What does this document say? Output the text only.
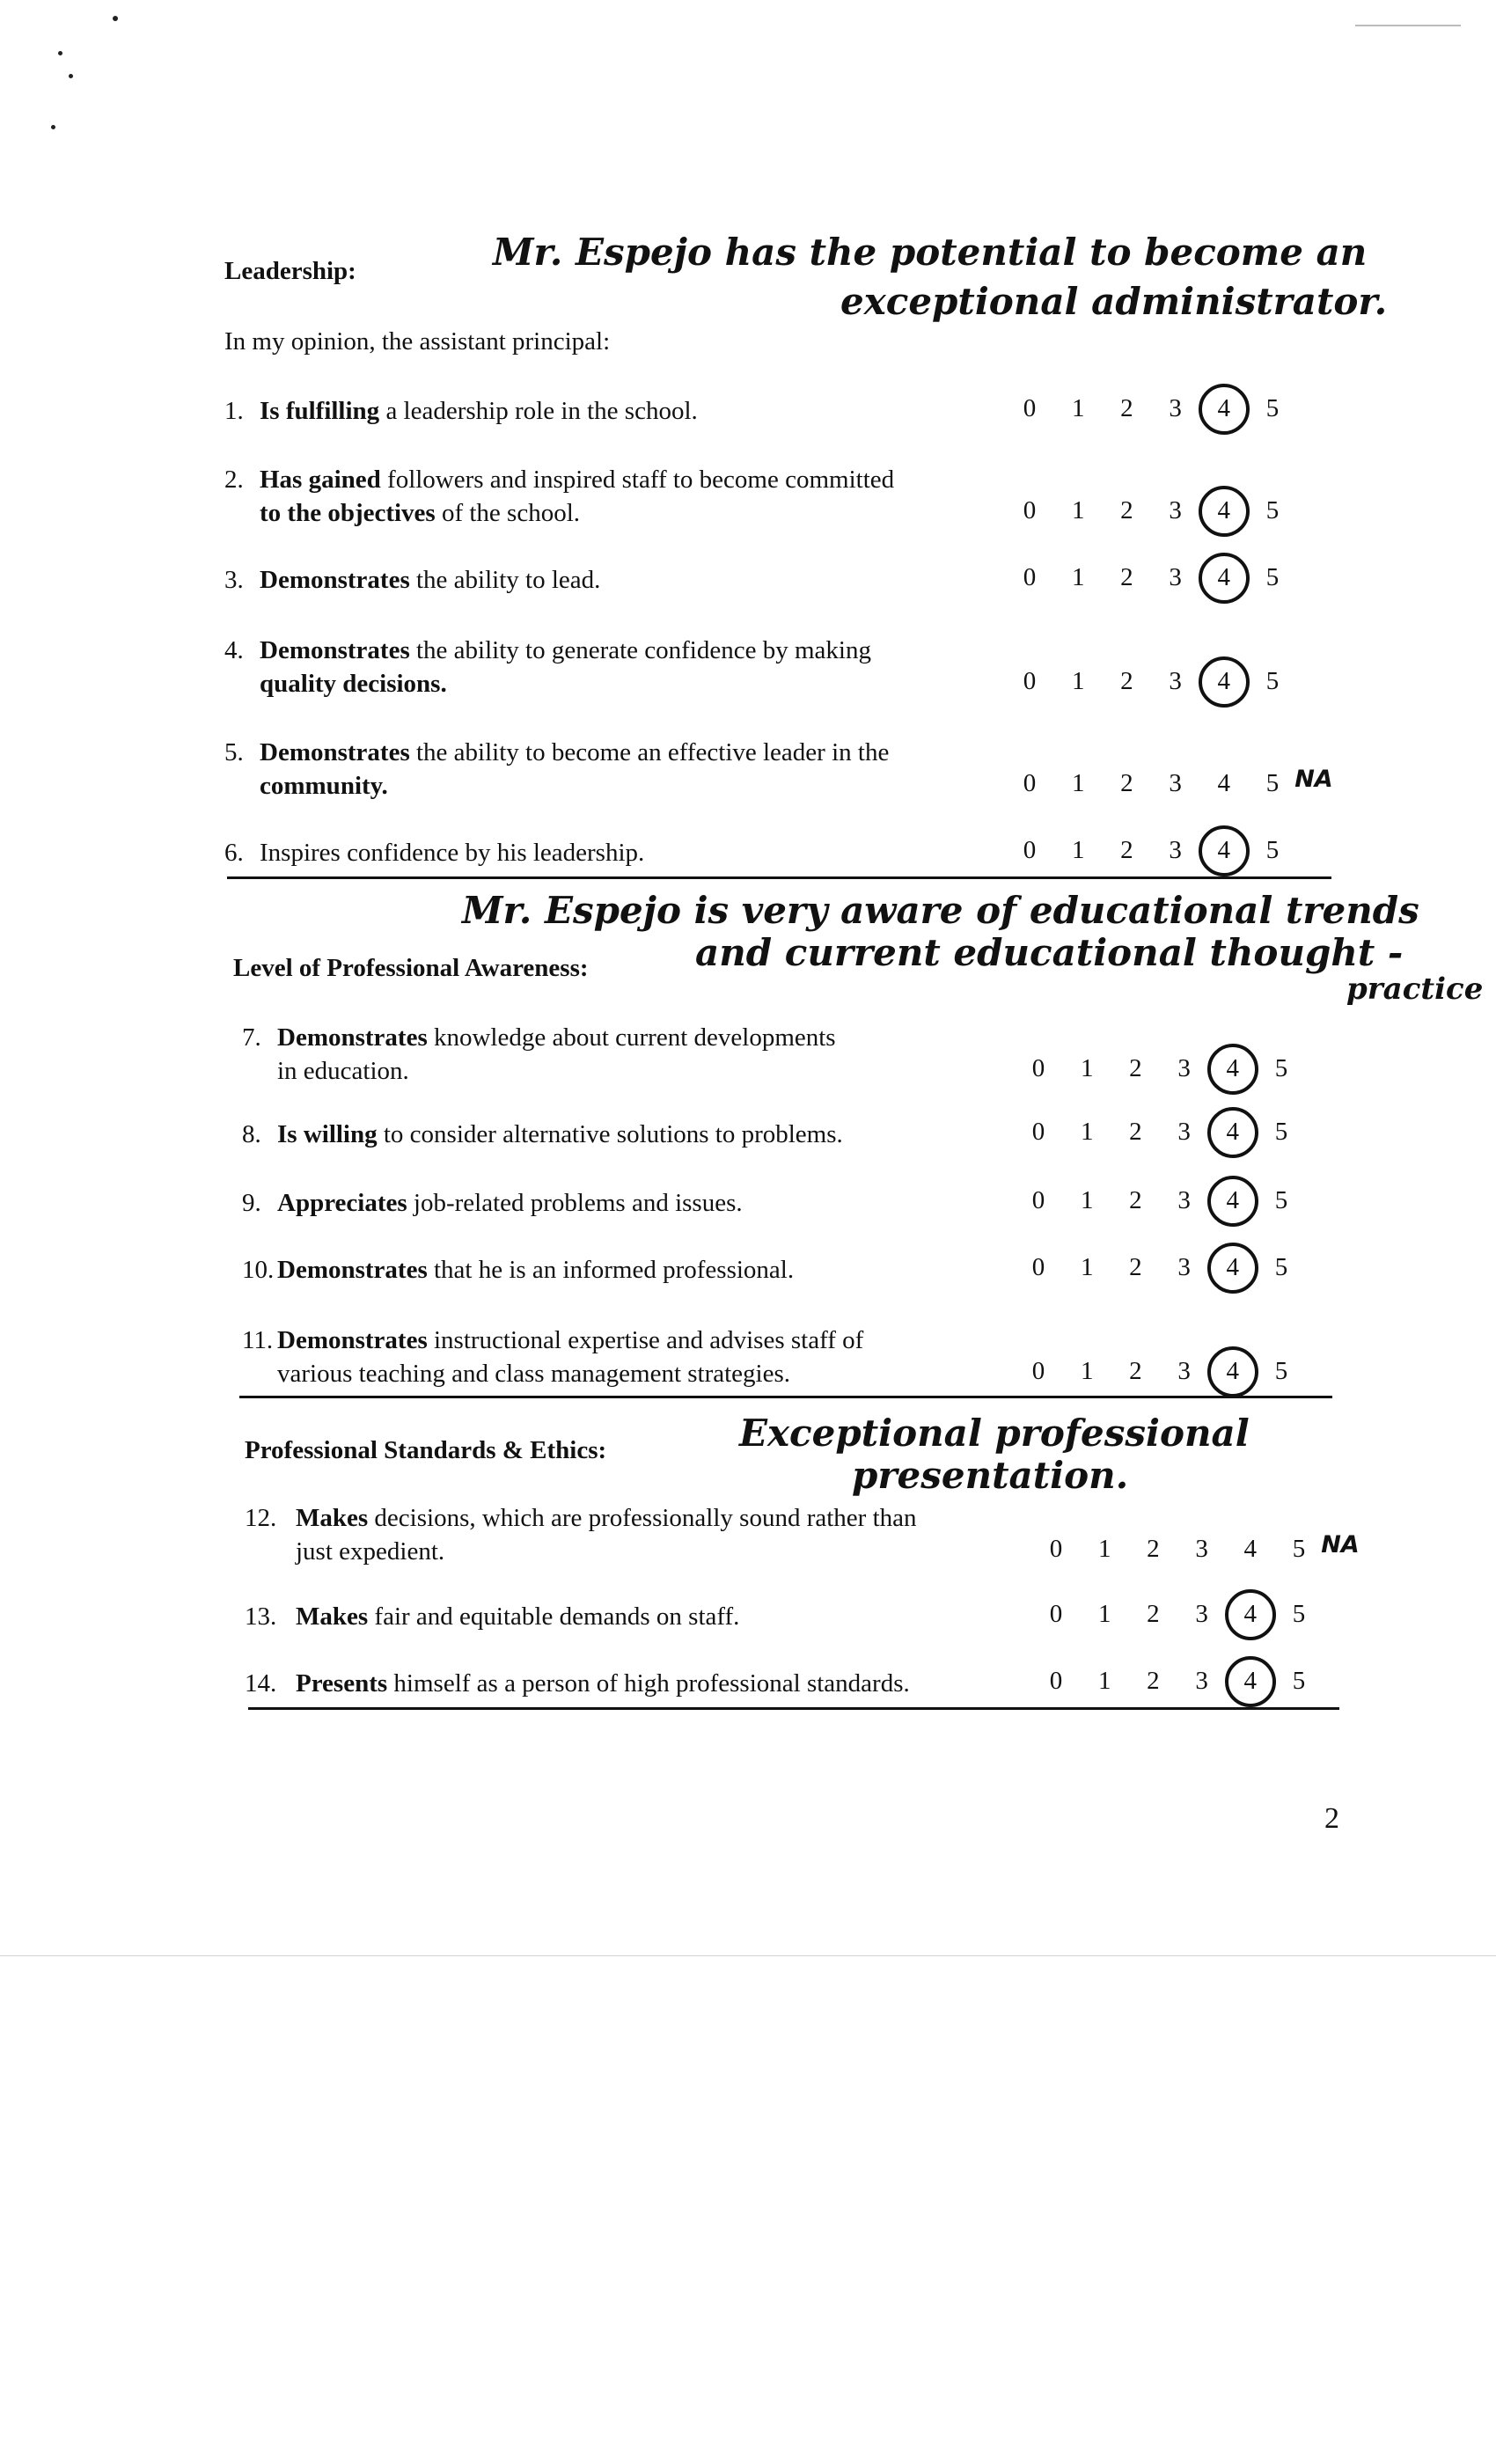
Leadership:	Mr. Espejo has the potential to become an
exceptional administrator.
In my opinion, the assistant principal:
1. Is fulfilling a leadership role in the school.	0	1	2	3	4	5
2. Has gained followers and inspired staff to become committed
to the objectives of the school.	0	1	2	3	4	5
3. Demonstrates the ability to lead.	0	1	2	3	4	5
4. Demonstrates the ability to generate confidence by making
quality decisions.	0	1	2	3	4	5
5. Demonstrates the ability to become an effective leader in the
community.	0	1	2	3	4	5 NA
6. Inspires confidence by his leadership.	0	1	2	3	4	5
Mr. Espejo is very aware of educational trends
Level of Professional Awareness:	and current educational thought -
practice
7. Demonstrates knowledge about current developments
in education.	0	1	2	3	4	5
8. Is willing to consider alternative solutions to problems.	0	1	2	3	4	5
9. Appreciates job-related problems and issues.	0	1	2	3	4	5
10. Demonstrates that he is an informed professional.	0	1	2	3	4	5
11. Demonstrates instructional expertise and advises staff of
various teaching and class management strategies.	0	1	2	3	4	5
Professional Standards & Ethics:	Exceptional professional
presentation.
12. Makes decisions, which are professionally sound rather than
just expedient.	0	1	2	3	4	5 NA
13. Makes fair and equitable demands on staff.	0	1	2	3	4	5
14. Presents himself as a person of high professional standards.	0	1	2	3	4	5
2
